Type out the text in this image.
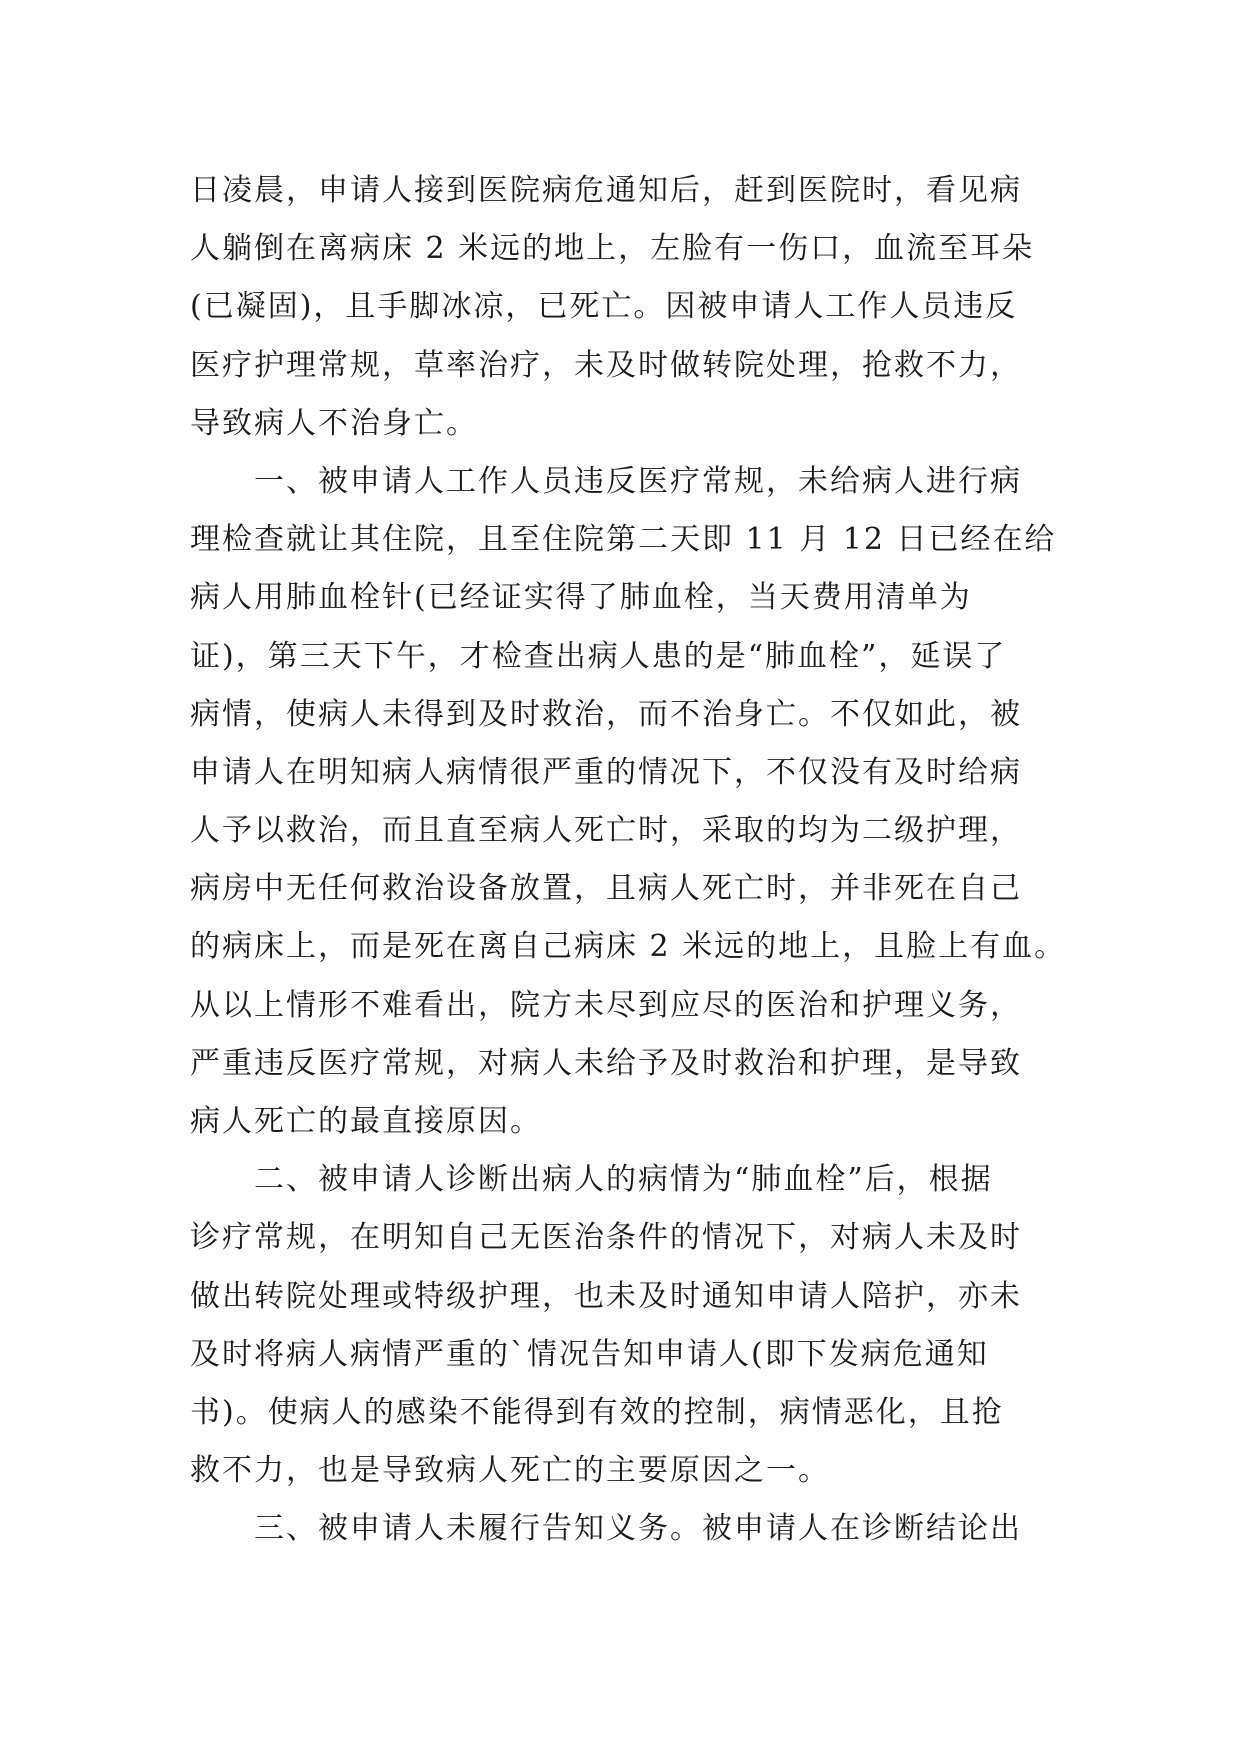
日凌晨，申请人接到医院病危通知后，赶到医院时，看见病
人躺倒在离病床 2 米远的地上，左脸有一伤口，血流至耳朵
(已凝固)，且手脚冰凉，已死亡。因被申请人工作人员违反
医疗护理常规，草率治疗，未及时做转院处理，抢救不力，
导致病人不治身亡。
一、被申请人工作人员违反医疗常规，未给病人进行病
理检查就让其住院，且至住院第二天即 11 月 12 日已经在给
病人用肺血栓针(已经证实得了肺血栓，当天费用清单为
证)，第三天下午，才检查出病人患的是“肺血栓”，延误了
病情，使病人未得到及时救治，而不治身亡。不仅如此，被
申请人在明知病人病情很严重的情况下，不仅没有及时给病
人予以救治，而且直至病人死亡时，采取的均为二级护理，
病房中无任何救治设备放置，且病人死亡时，并非死在自己
的病床上，而是死在离自己病床 2 米远的地上，且脸上有血。
从以上情形不难看出，院方未尽到应尽的医治和护理义务，
严重违反医疗常规，对病人未给予及时救治和护理，是导致
病人死亡的最直接原因。
二、被申请人诊断出病人的病情为“肺血栓”后，根据
诊疗常规，在明知自己无医治条件的情况下，对病人未及时
做出转院处理或特级护理，也未及时通知申请人陪护，亦未
及时将病人病情严重的`情况告知申请人(即下发病危通知
书)。使病人的感染不能得到有效的控制，病情恶化，且抢
救不力，也是导致病人死亡的主要原因之一。
三、被申请人未履行告知义务。被申请人在诊断结论出
